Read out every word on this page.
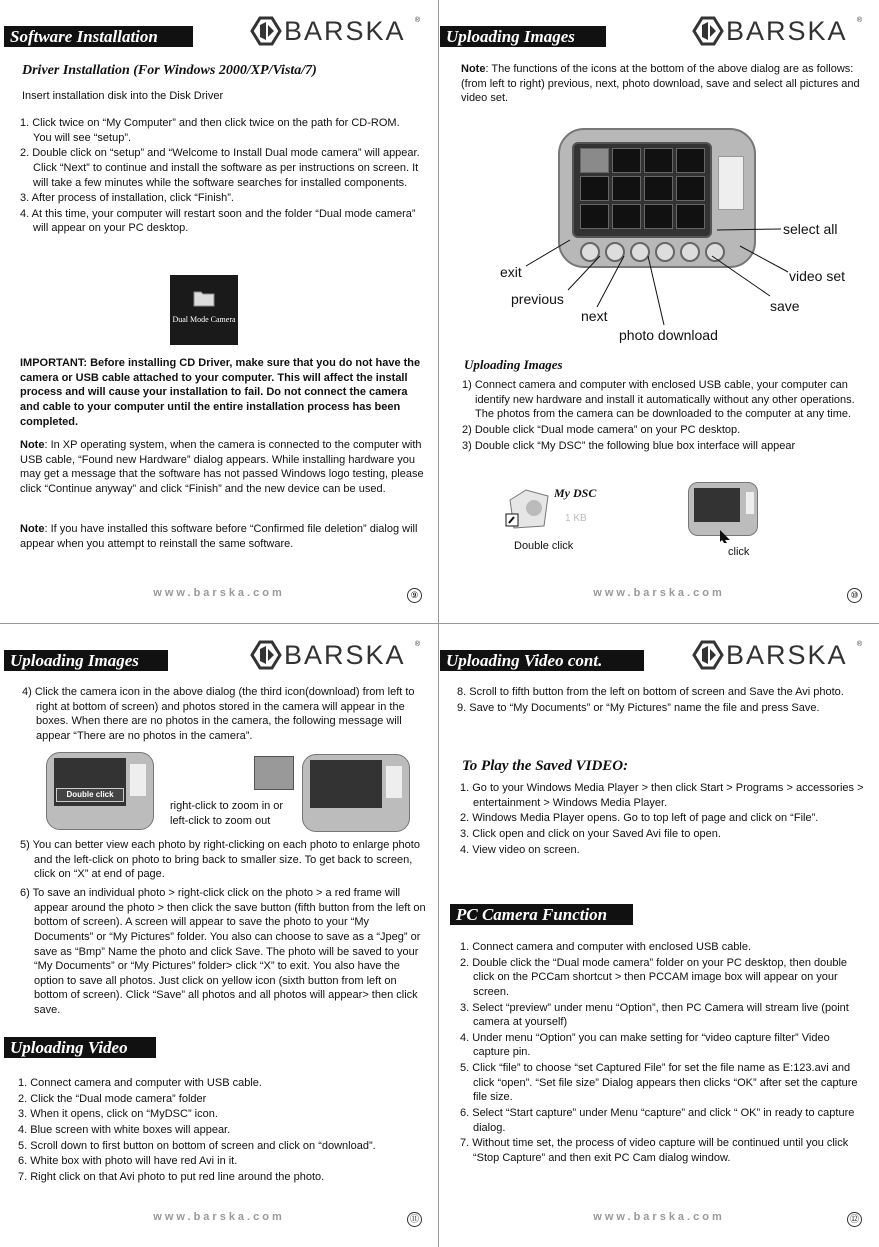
Software Installation	BARSKA ®
Driver Installation (For Windows 2000/XP/Vista/7)
Insert installation disk into the Disk Driver
1. Click twice on “My Computer” and then click twice on the path for CD-ROM. You will see “setup”.
2. Double click on “setup” and “Welcome to Install Dual mode camera” will appear. Click “Next” to continue and install the software as per instructions on screen. It will take a few minutes while the software searches for installed components.
3. After process of installation, click “Finish”.
4. At this time, your computer will restart soon and the folder “Dual mode camera” will appear on your PC desktop.
Dual Mode Camera
IMPORTANT: Before installing CD Driver, make sure that you do not have the camera or USB cable attached to your computer. This will affect the install process and will cause your installation to fail. Do not connect the camera and cable to your computer until the entire installation process has been completed.
Note: In XP operating system, when the camera is connected to the computer with USB cable, “Found new Hardware” dialog appears. While installing hardware you may get a message that the software has not passed Windows logo testing, please click “Continue anyway” and click “Finish” and the new device can be used.
Note: If you have installed this software before “Confirmed file deletion” dialog will appear when you attempt to reinstall the same software.
www.barska.com	⑨
Uploading Images	BARSKA ®
Note: The functions of the icons at the bottom of the above dialog are as follows: (from left to right) previous, next, photo download, save and select all pictures and video set.
select all
exit	video set
previous	save
next
photo download
Uploading Images
1) Connect camera and computer with enclosed USB cable, your computer can identify new hardware and install it automatically without any other operations. The photos from the camera can be downloaded to the computer at any time.
2) Double click “Dual mode camera” on your PC desktop.
3) Double click “My DSC” the following blue box interface will appear
My DSC
1 KB
Double click	click
www.barska.com	⑩
Uploading Images	BARSKA ®
4) Click the camera icon in the above dialog (the third icon(download) from left to right at bottom of screen) and photos stored in the camera will appear in the boxes. When there are no photos in the camera, the following message will appear “There are no photos in the camera”.
Double click
right-click to zoom in or left-click to zoom out
5) You can better view each photo by right-clicking on each photo to enlarge photo and the left-click on photo to bring back to smaller size. To get back to screen, click on “X” at end of page.
6) To save an individual photo > right-click click on the photo > a red frame will appear around the photo > then click the save button (fifth button from the left on bottom of screen). A screen will appear to save the photo to your “My Documents” or “My Pictures” folder. You also can choose to save as a “Jpeg” or save as “Bmp” Name the photo and click Save. The photo will be saved to your “My Documents” or “My Pictures” folder> click “X” to exit. You also have the option to save all photos. Just click on yellow icon (sixth button from left on bottom of screen). Click “Save” all photos and all photos will appear> then click save.
Uploading Video
1. Connect camera and computer with USB cable.
2. Click the “Dual mode camera” folder
3. When it opens, click on “MyDSC” icon.
4. Blue screen with white boxes will appear.
5. Scroll down to first button on bottom of screen and click on “download”.
6. White box with photo will have red Avi in it.
7. Right click on that Avi photo to put red line around the photo.
www.barska.com	⑪
Uploading Video cont.	BARSKA ®
8. Scroll to fifth button from the left on bottom of screen and Save the Avi photo.
9. Save to “My Documents” or “My Pictures” name the file and press Save.
To Play the Saved VIDEO:
1. Go to your Windows Media Player > then click Start > Programs > accessories > entertainment > Windows Media Player.
2. Windows Media Player opens. Go to top left of page and click on “File”.
3. Click open and click on your Saved Avi file to open.
4. View video on screen.
PC Camera Function
1. Connect camera and computer with enclosed USB cable.
2. Double click the “Dual mode camera” folder on your PC desktop, then double click on the PCCam shortcut > then PCCAM image box will appear on your screen.
3. Select “preview” under menu “Option”, then PC Camera will stream live (point camera at yourself)
4. Under menu “Option” you can make setting for “video capture filter” Video capture pin.
5. Click “file” to choose “set Captured File” for set the file name as E:123.avi and click “open”. “Set file size” Dialog appears then clicks “OK” after set the capture file size.
6. Select “Start capture” under Menu “capture” and click “ OK” in ready to capture dialog.
7. Without time set, the process of video capture will be continued until you click “Stop Capture” and then exit PC Cam dialog window.
www.barska.com	⑫
